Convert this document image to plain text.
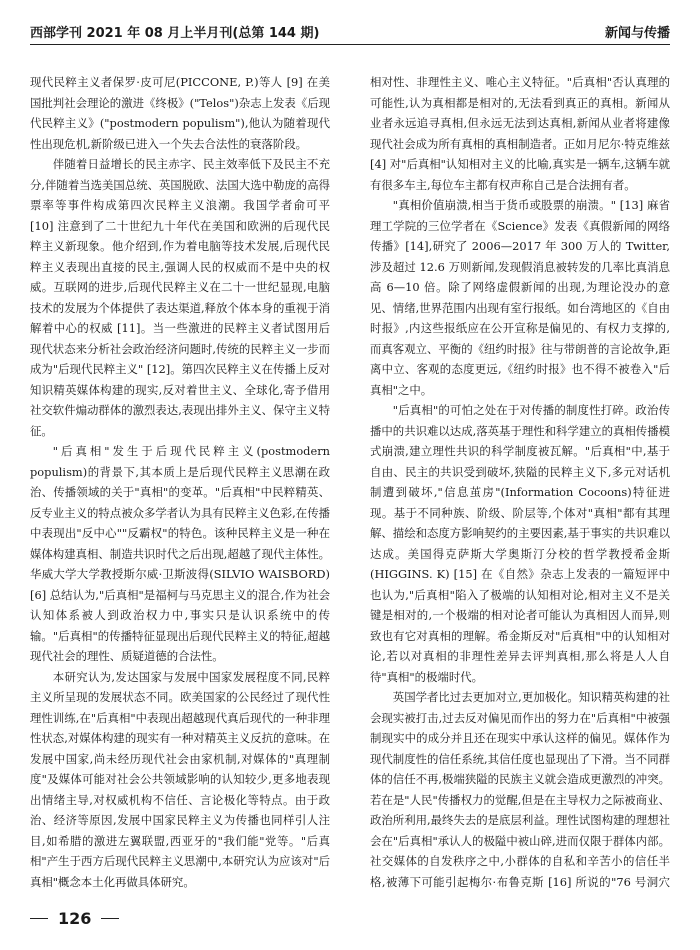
西部学刊 2021 年 08 月上半月刊(总第 144 期)	新闻与传播

现代民粹主义者保罗·皮可尼(PICCONE, P.)等人 [9] 在美国批判社会理论的激进《终极》("Telos")杂志上发表《后现代民粹主义》("postmodern populism"),他认为随着现代性出现危机,新阶级已进入一个失去合法性的衰落阶段。

伴随着日益增长的民主赤字、民主效率低下及民主不充分,伴随着当选美国总统、英国脱欧、法国大选中勒庞的高得票率等事件构成第四次民粹主义浪潮。我国学者俞可平 [10] 注意到了二十世纪九十年代在美国和欧洲的后现代民粹主义新现象。他介绍到,作为着电脑等技术发展,后现代民粹主义表现出直接的民主,强调人民的权威而不是中央的权威。互联网的进步,后现代民粹主义在二十一世纪显现,电脑技术的发展为个体提供了表达渠道,释放个体本身的重视于消解着中心的权威 [11]。当一些激进的民粹主义者试图用后现代状态来分析社会政治经济问题时,传统的民粹主义一步而成为"后现代民粹主义" [12]。第四次民粹主义在传播上反对知识精英媒体构建的现实,反对着世主义、全球化,寄予借用社交软件煽动群体的激烈表达,表现出排外主义、保守主义特征。

"后真相"发生于后现代民粹主义(postmodern populism)的背景下,其本质上是后现代民粹主义思潮在政治、传播领域的关于"真相"的变革。"后真相"中民粹精英、反专业主义的特点被众多学者认为具有民粹主义色彩,在传播中表现出"反中心""反霸权"的特色。该种民粹主义是一种在媒体构建真相、制造共识时代之后出现,超越了现代主体性。华威大学大学教授斯尔威·卫斯波得(SILVIO WAISBORD) [6] 总结认为,"后真相"是福柯与马克思主义的混合,作为社会认知体系被人到政治权力中,事实只是认识系统中的传输。"后真相"的传播特征显现出后现代民粹主义的特征,超越现代社会的理性、质疑道德的合法性。

本研究认为,发达国家与发展中国家发展程度不同,民粹主义所呈现的发展状态不同。欧美国家的公民经过了现代性理性训练,在"后真相"中表现出超越现代真后现代的一种非理性状态,对媒体构建的现实有一种对精英主义反抗的意味。在发展中国家,尚未经历现代社会由家机制,对媒体的"真理制度"及媒体可能对社会公共领域影响的认知较少,更多地表现出情绪主导,对权威机构不信任、言论极化等特点。由于政治、经济等原因,发展中国家民粹主义为传播也同样引人注目,如希腊的激进左翼联盟,西亚牙的"我们能"党等。"后真相"产生于西方后现代民粹主义思潮中,本研究认为应该对"后真相"概念本土化再做具体研究。

相对性、非理性主义、唯心主义特征。"后真相"否认真理的可能性,认为真相都是相对的,无法看到真正的真相。新闻从业者永远追寻真相,但永远无法到达真相,新闻从业者将建像现代社会成为所有真相的真相制造者。正如月尼尔·特克维兹 [4] 对"后真相"认知相对主义的比喻,真实是一辆车,这辆车就有很多车主,每位车主都有权声称自己是合法拥有者。

"真相价值崩溃,相当于货币或股票的崩溃。" [13] 麻省理工学院的三位学者在《Science》发表《真假新闻的网络传播》[14],研究了 2006—2017 年 300 万人的 Twitter,涉及超过 12.6 万则新闻,发现假消息被转发的几率比真消息高 6—10 倍。除了网络虚假新闻的出现,为理论没办的意见、情绪,世界范围内出现有室行报纸。如台湾地区的《自由时报》,内这些报纸应在公开宣称是偏见的、有权力支撑的,而真客观立、平衡的《纽约时报》往与带朗普的言论故争,距离中立、客观的态度更远,《纽约时报》也不得不被卷入"后真相"之中。

"后真相"的可怕之处在于对传播的制度性打碎。政治传播中的共识难以达成,落英基于理性和科学建立的真相传播模式崩溃,建立理性共识的科学制度被瓦解。"后真相"中,基于自由、民主的共识受到破坏,狭隘的民粹主义下,多元对话机制遭到破坏,"信息茧房"(Information Cocoons)特征进现。基于不同种族、阶级、阶层等,个体对"真相"都有其理解、描绘和态度方影响契约的主要因素,基于事实的共识难以达成。美国得克萨斯大学奥斯汀分校的哲学教授希金斯(HIGGINS. K) [15] 在《自然》杂志上发表的一篇短评中也认为,"后真相"陷入了极端的认知相对论,相对主义不是关键是相对的,一个极端的相对论者可能认为真相因人而异,则致也有它对真相的理解。希金斯反对"后真相"中的认知相对论,若以对真相的非理性差异去评判真相,那么将是人人自待"真相"的极端时代。

英国学者比过去更加对立,更加极化。知识精英构建的社会现实被打击,过去反对偏见而作出的努力在"后真相"中被强制现实中的成分并且还在现实中承认这样的偏见。媒体作为现代制度性的信任系统,其信任度也显现出了下滑。当不同群体的信任不再,极端狭隘的民族主义就会造成更激烈的冲突。若在是"人民"传播权力的觉醒,但是在主导权力之际被商业、政治所利用,最终失去的是底层利益。理性试图构建的理想社会在"后真相"承认人的极隘中被山碎,进而仅限于群体内部。社交媒体的自发秩序之中,小群体的自私和辛苦小的信任半格,被薄下可能引起梅尔·布鲁克斯 [16] 所说的"76 号洞穴

126
